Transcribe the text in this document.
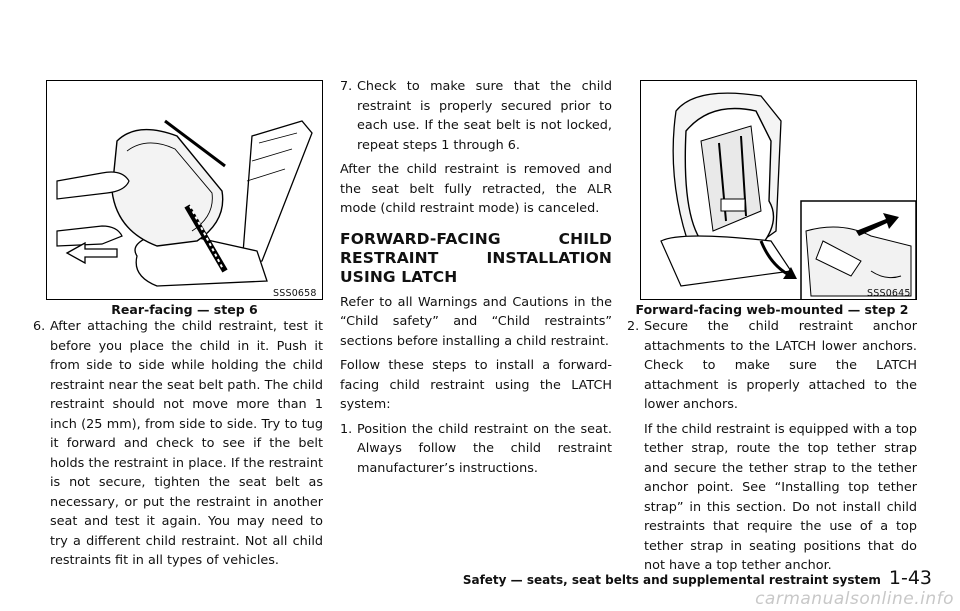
SSS0658
Rear-facing — step 6
6. After attaching the child restraint, test it before you place the child in it. Push it from side to side while holding the child restraint near the seat belt path. The child restraint should not move more than 1 inch (25 mm), from side to side. Try to tug it forward and check to see if the belt holds the restraint in place. If the restraint is not secure, tighten the seat belt as necessary, or put the restraint in another seat and test it again. You may need to try a different child restraint. Not all child restraints fit in all types of vehicles.
7. Check to make sure that the child restraint is properly secured prior to each use. If the seat belt is not locked, repeat steps 1 through 6.

After the child restraint is removed and the seat belt fully retracted, the ALR mode (child restraint mode) is canceled.

FORWARD-FACING CHILD RESTRAINT INSTALLATION USING LATCH

Refer to all Warnings and Cautions in the “Child safety” and “Child restraints” sections before installing a child restraint.

Follow these steps to install a forward-facing child restraint using the LATCH system:

1. Position the child restraint on the seat. Always follow the child restraint manufacturer’s instructions.
SSS0645
Forward-facing web-mounted — step 2
2. Secure the child restraint anchor attachments to the LATCH lower anchors. Check to make sure the LATCH attachment is properly attached to the lower anchors.

If the child restraint is equipped with a top tether strap, route the top tether strap and secure the tether strap to the tether anchor point. See “Installing top tether strap” in this section. Do not install child restraints that require the use of a top tether strap in seating positions that do not have a top tether anchor.

Safety — seats, seat belts and supplemental restraint system 1-43
carmanualsonline.info
